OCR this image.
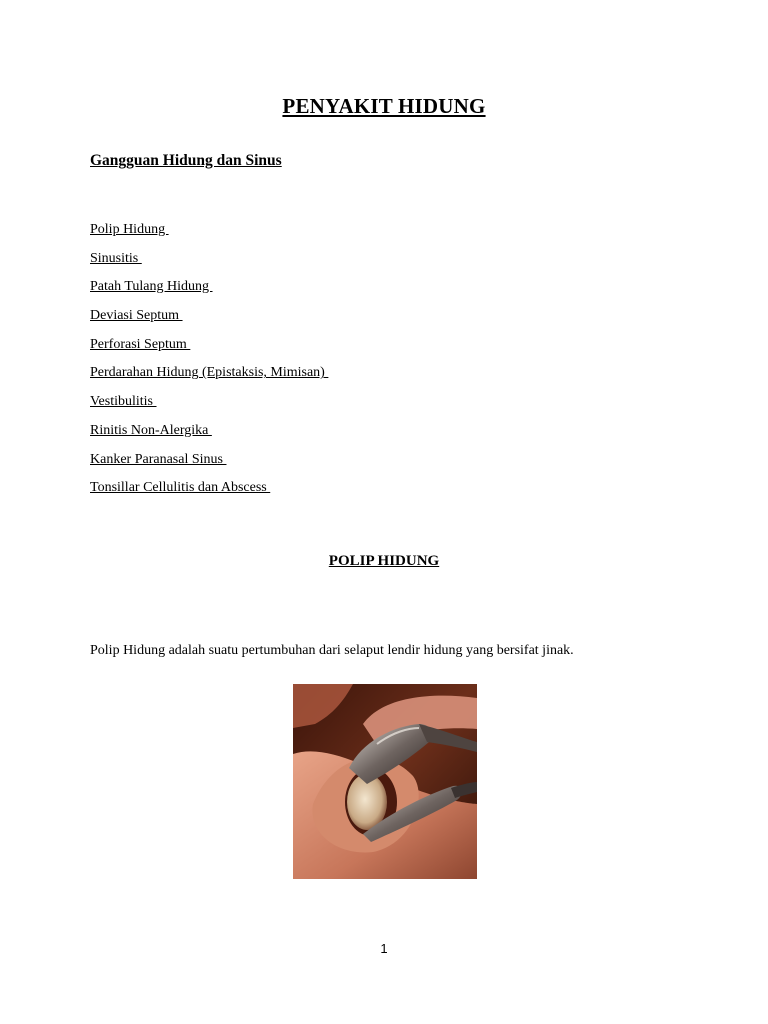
PENYAKIT HIDUNG
Gangguan Hidung dan Sinus
Polip Hidung
Sinusitis
Patah Tulang Hidung
Deviasi Septum
Perforasi Septum
Perdarahan Hidung (Epistaksis, Mimisan)
Vestibulitis
Rinitis Non-Alergika
Kanker Paranasal Sinus
Tonsillar Cellulitis dan Abscess
POLIP HIDUNG

Polip Hidung adalah suatu pertumbuhan dari selaput lendir hidung yang bersifat jinak.

1
